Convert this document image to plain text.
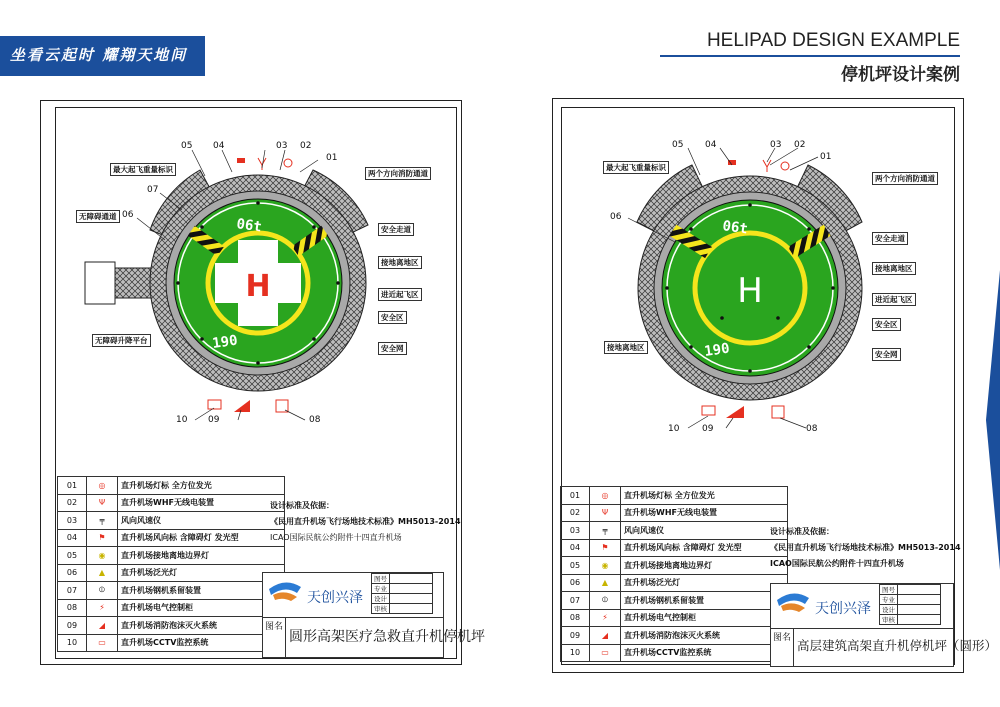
坐看云起时 耀翔天地间
HELIPAD DESIGN EXAMPLE
停机坪设计案例
H
06t
190
01
02
03
04
05
06
07
08
09
10
最大起飞重量标识	两个方向消防通道
无障碍通道
安全走道
接地离地区
进近起飞区
安全区
安全网
无障碍升降平台
01	◎	直升机场灯标 全方位发光
02	Ψ	直升机场WHF无线电装置
03	╤	风向风速仪
04	⚑	直升机场风向标 含障碍灯 发光型
05	◉	直升机场接地离地边界灯
06	▲	直升机场泛光灯
07	⦶	直升机场钢机系留装置
08	⚡	直升机场电气控制柜
09	◢	直升机场消防泡沫灭火系统
10	▭	直升机场CCTV监控系统
设计标准及依据：
《民用直升机场飞行场地技术标准》MH5013-2014
ICAO国际民航公约附件十四直升机场
天创兴泽
图号	
专业	
设计	
审核	
图名
圆形高架医疗急救直升机停机坪
H
06t
190
01
02
03
04
05
06
08
09
10
最大起飞重量标识
两个方向消防通道
安全走道
接地离地区
进近起飞区
安全区
安全网
接地离地区
01	◎	直升机场灯标 全方位发光
02	Ψ	直升机场WHF无线电装置
03	╤	风向风速仪
04	⚑	直升机场风向标 含障碍灯 发光型
05	◉	直升机场接地离地边界灯
06	▲	直升机场泛光灯
07	⦶	直升机场钢机系留装置
08	⚡	直升机场电气控制柜
09	◢	直升机场消防泡沫灭火系统
10	▭	直升机场CCTV监控系统
设计标准及依据：
《民用直升机场飞行场地技术标准》MH5013-2014
ICAO国际民航公约附件十四直升机场
天创兴泽
图号	
专业	
设计	
审核	
图名 高层建筑高架直升机停机坪（圆形）
